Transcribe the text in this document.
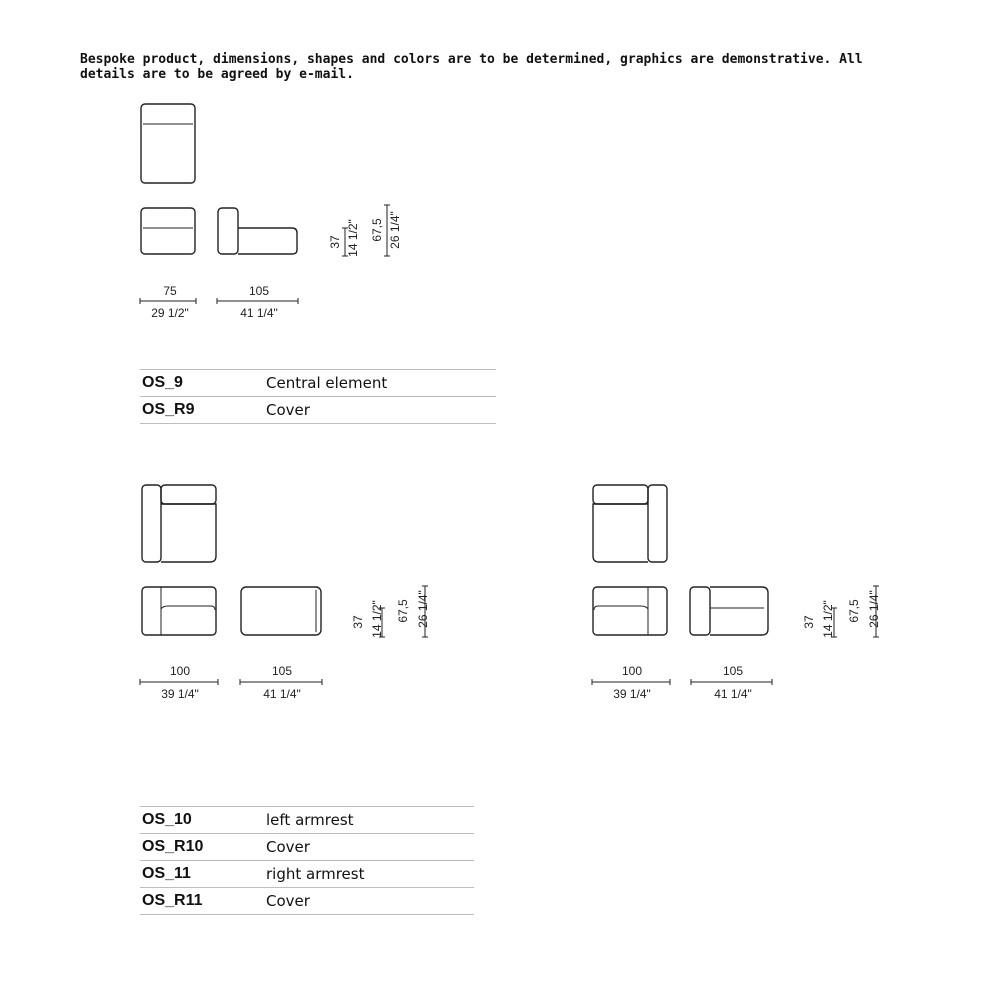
Bespoke product, dimensions, shapes and colors are to be determined, graphics are demonstrative. All details are to be agreed by e-mail.
75
29 1/2"
105
41 1/4"
37 14 1/2" 67,5 26 1/4"
100
39 1/4"
105
41 1/4"
37 14 1/2" 67,5 26 1/4"
100
39 1/4"
105
41 1/4"
37 14 1/2" 67,5 26 1/4"
OS_9	Central element
OS_R9	Cover
OS_10	left armrest
OS_R10	Cover
OS_11	right armrest
OS_R11	Cover
